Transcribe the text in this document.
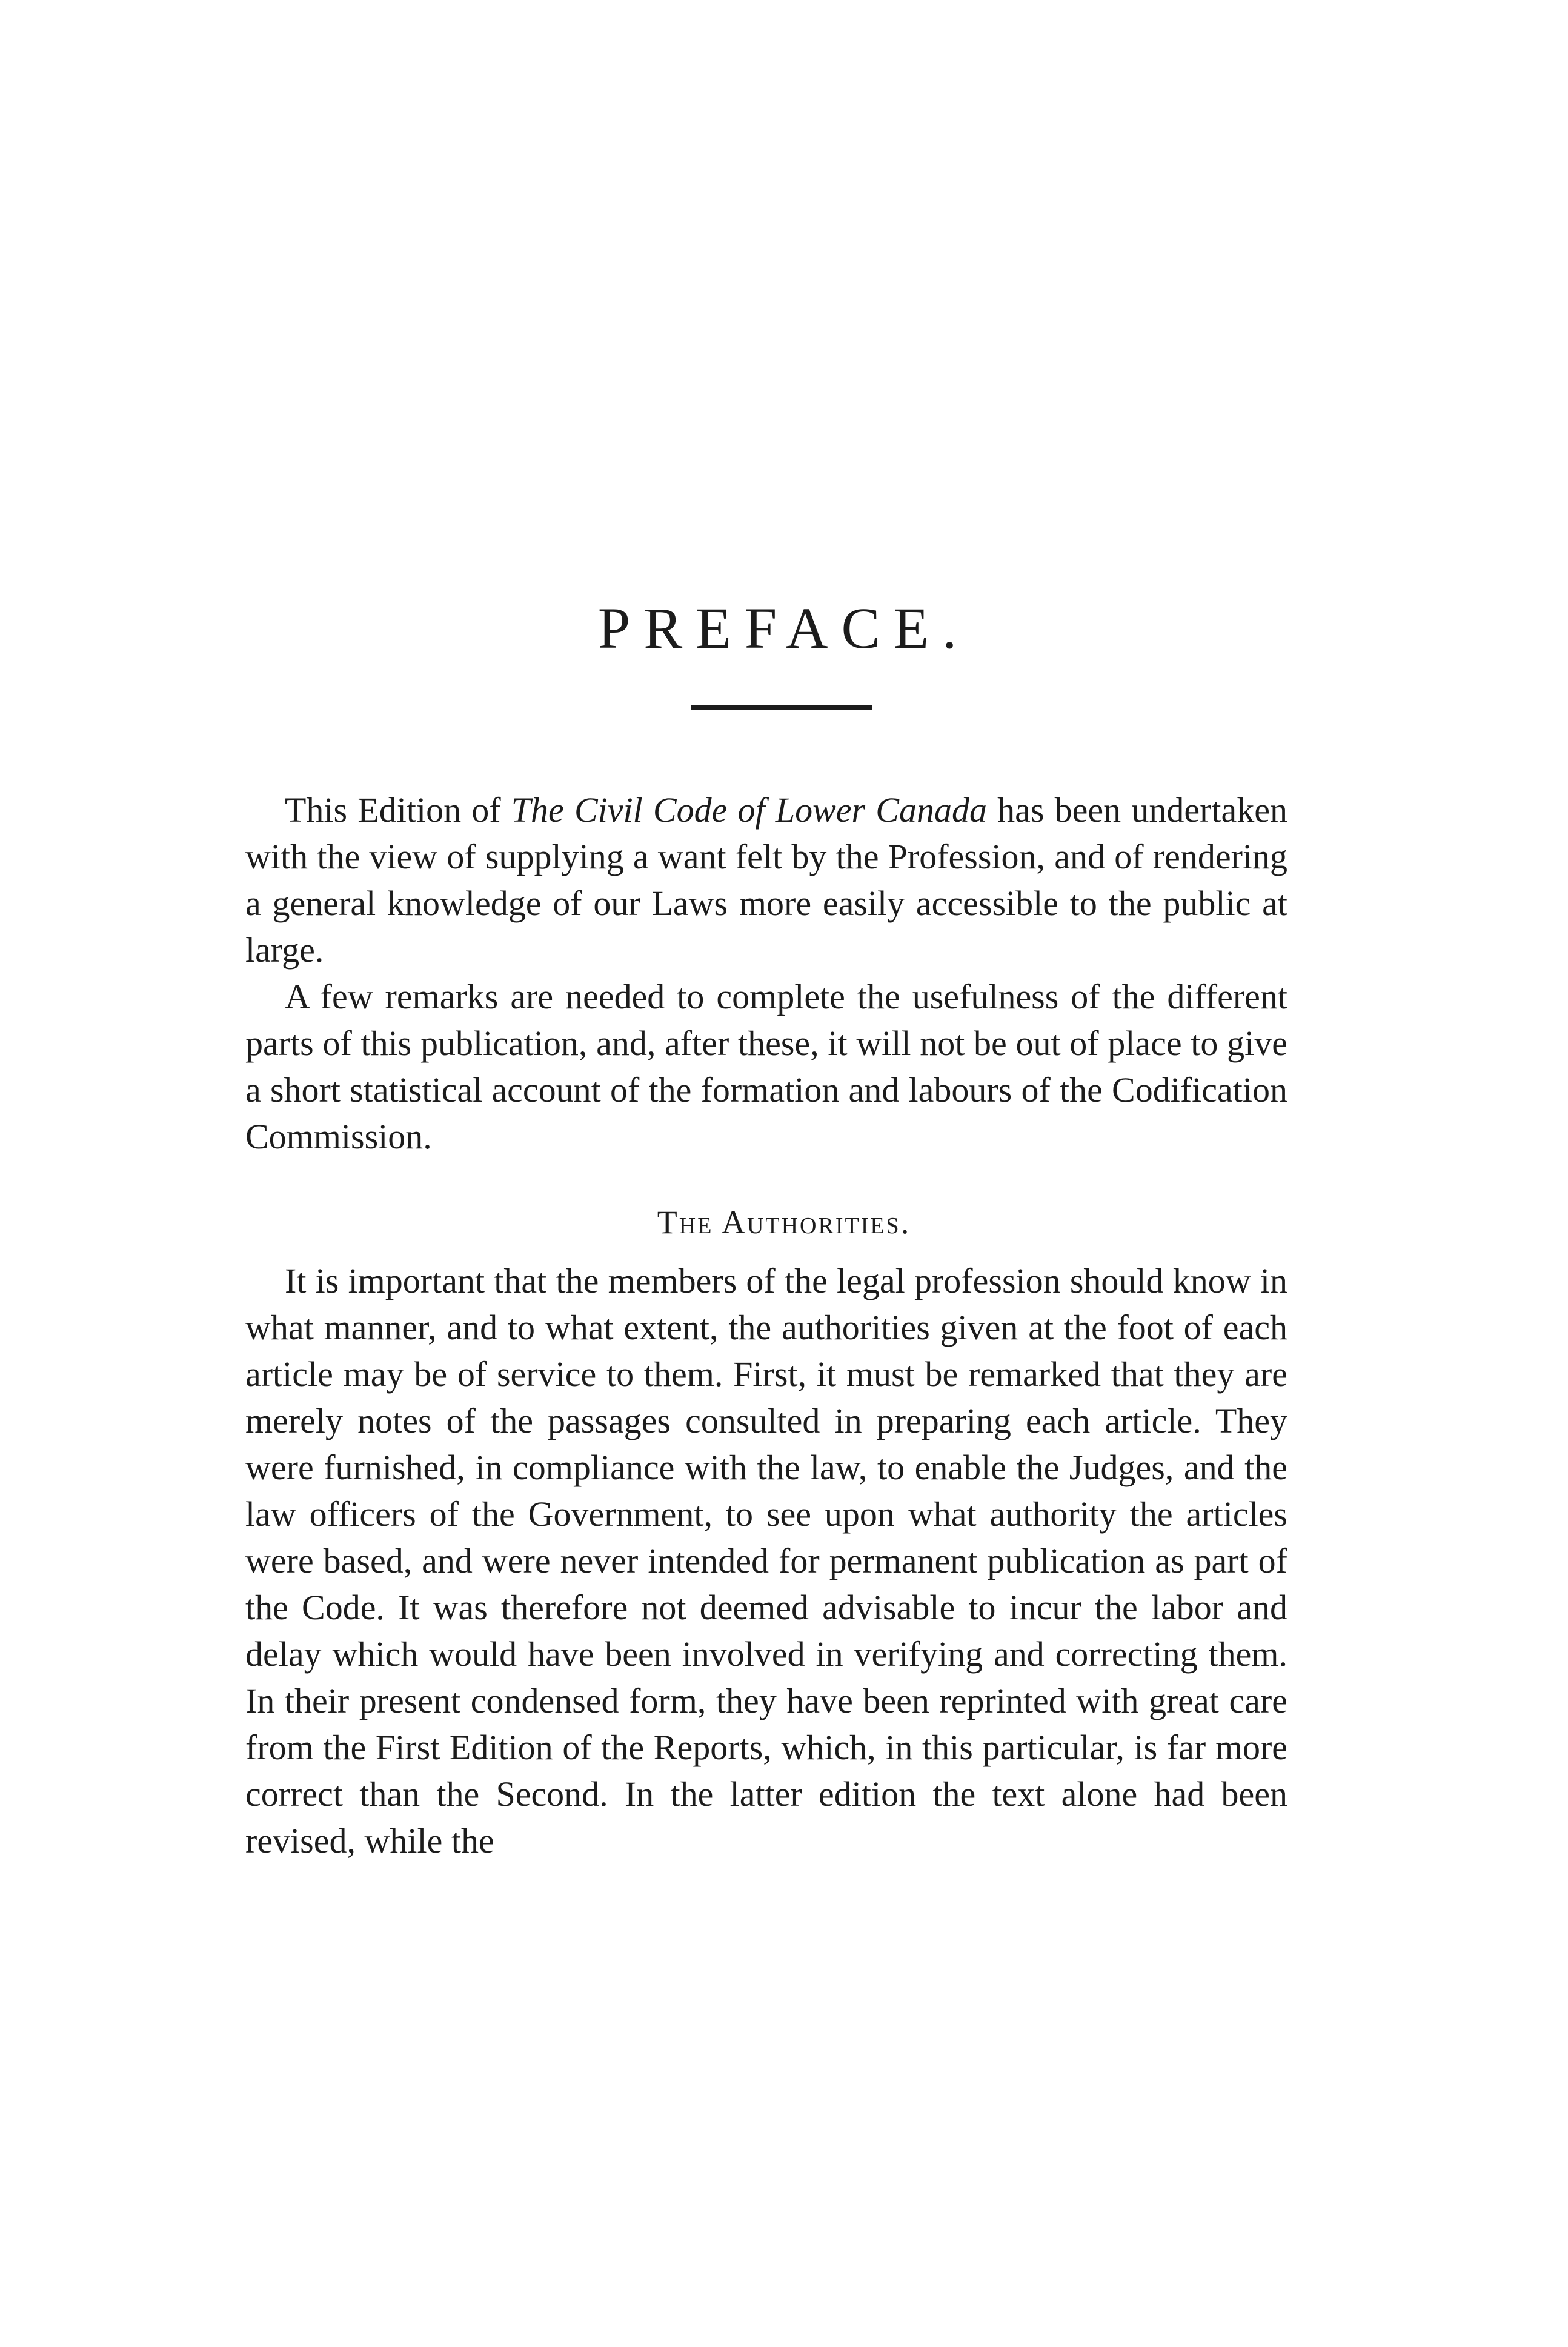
PREFACE.

This Edition of The Civil Code of Lower Canada has been undertaken with the view of supplying a want felt by the Profession, and of rendering a general knowledge of our Laws more easily accessible to the public at large.

A few remarks are needed to complete the usefulness of the different parts of this publication, and, after these, it will not be out of place to give a short statistical account of the formation and labours of the Codification Commission.

The Authorities.

It is important that the members of the legal profession should know in what manner, and to what extent, the authorities given at the foot of each article may be of service to them. First, it must be remarked that they are merely notes of the passages consulted in preparing each article. They were furnished, in compliance with the law, to enable the Judges, and the law officers of the Government, to see upon what authority the articles were based, and were never intended for permanent publication as part of the Code. It was therefore not deemed advisable to incur the labor and delay which would have been involved in verifying and correcting them. In their present condensed form, they have been reprinted with great care from the First Edition of the Reports, which, in this particular, is far more correct than the Second. In the latter edition the text alone had been revised, while the
